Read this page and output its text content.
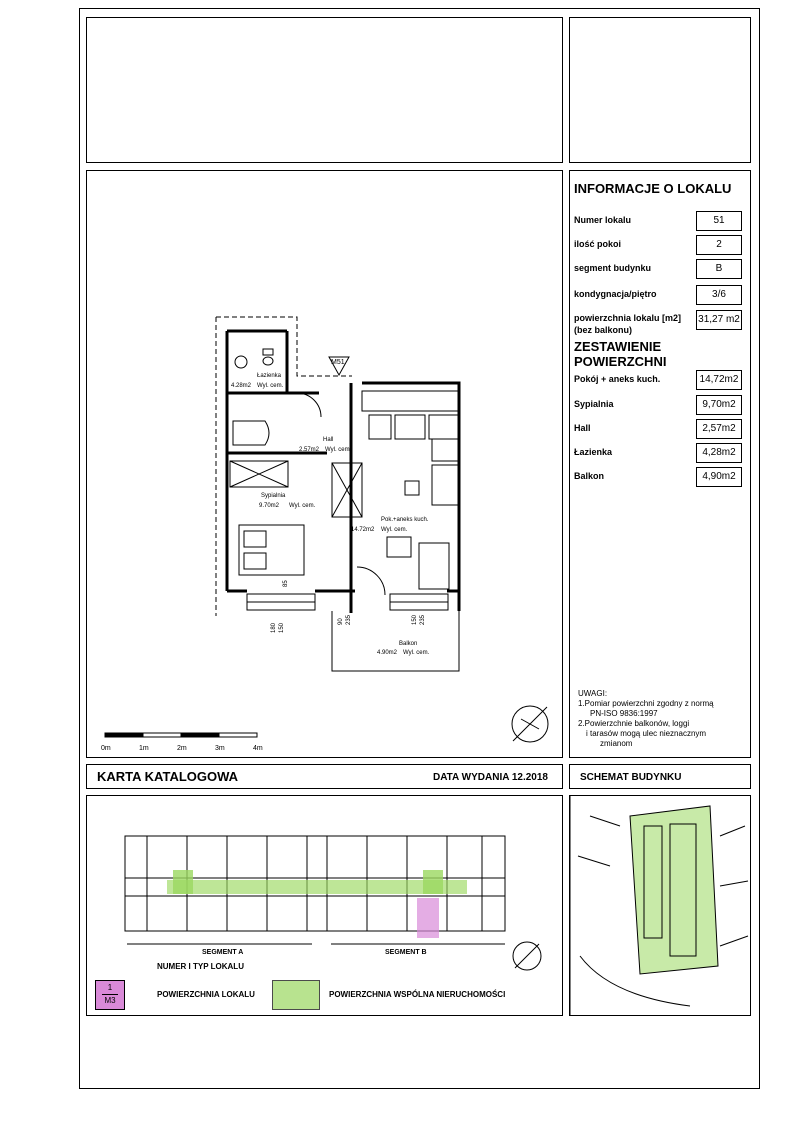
M51
Łazienka
4.28m2 Wyl. cem.
Hall
2.57m2 Wyl. cem.
Sypialnia
9.70m2 Wyl. cem.
Pok.+aneks kuch.
14.72m2 Wyl. cem.
Balkon
4.90m2 Wyl. cem.
180 150
90 235	150 235
85
0m	1m	2m	3m	4m
INFORMACJE O LOKALU
Numer lokalu	51
ilość pokoi	2
segment budynku	B
kondygnacja/piętro	3/6
powierzchnia lokalu [m2]
(bez balkonu)
31,27 m2
ZESTAWIENIE POWIERZCHNI
Pokój + aneks kuch.	14,72m2
Sypialnia	9,70m2
Hall	2,57m2
Łazienka	4,28m2
Balkon	4,90m2
UWAGI:
1.Pomiar powierzchni zgodny z normą
PN-ISO 9836:1997
2.Powierzchnie balkonów, loggi
i tarasów mogą ulec nieznacznym
zmianom
KARTA KATALOGOWA	DATA WYDANIA 12.2018	SCHEMAT BUDYNKU
SEGMENT A	SEGMENT B
NUMER I TYP LOKALU
1
M3
POWIERZCHNIA LOKALU	POWIERZCHNIA WSPÓLNA NIERUCHOMOŚCI
